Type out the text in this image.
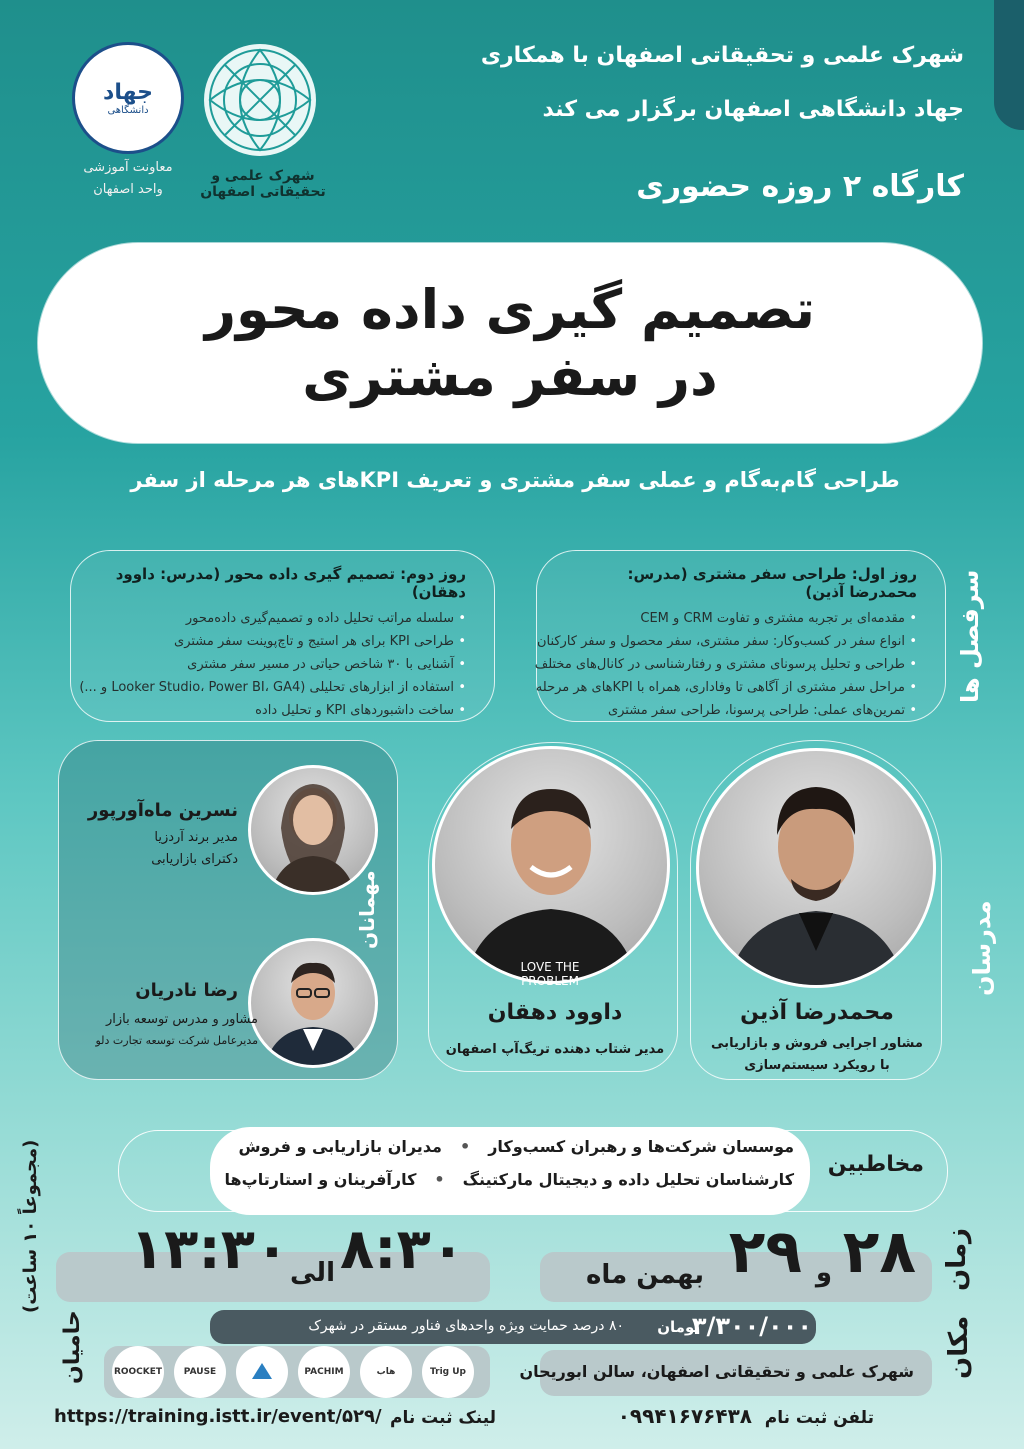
شهرک علمی و تحقیقاتی اصفهان با همکاری
جهاد دانشگاهی اصفهان برگزار می کند
کارگاه ۲ روزه حضوری
جهاد
دانشگاهی
معاونت آموزشی
واحد اصفهان
شهرک علمی و تحقیقاتی اصفهان
تصمیم گیری داده محور
در سفر مشتری
طراحی گام‌به‌گام و عملی سفر مشتری و تعریف KPIهای هر مرحله از سفر
سرفصل ها
روز اول: طراحی سفر مشتری (مدرس: محمدرضا آذین)
• مقدمه‌ای بر تجربه مشتری و تفاوت CRM و CEM
• انواع سفر در کسب‌وکار: سفر مشتری، سفر محصول و سفر کارکنان
• طراحی و تحلیل پرسونای مشتری و رفتارشناسی در کانال‌های مختلف
• مراحل سفر مشتری از آگاهی تا وفاداری، همراه با KPIهای هر مرحله
• تمرین‌های عملی: طراحی پرسونا، طراحی سفر مشتری
روز دوم: تصمیم گیری داده محور (مدرس: داوود دهقان)
• سلسله مراتب تحلیل داده و تصمیم‌گیری داده‌محور
• طراحی KPI برای هر استیج و تاچ‌پوینت سفر مشتری
• آشنایی با ۳۰ شاخص حیاتی در مسیر سفر مشتری
• استفاده از ابزارهای تحلیلی (Looker Studio، Power BI، GA4 و ...)
• ساخت داشبوردهای KPI و تحلیل داده
مهمانان
نسرین ماه‌آورپور
مدیر برند آردزیا
دکترای بازاریابی
رضا نادریان
مشاور و مدرس توسعه بازار
مدیرعامل شرکت توسعه تجارت دلو
مدرسان
LOVE THE PROBLEM
داوود دهقان
مدیر شتاب دهنده تریگ‌آپ اصفهان
محمدرضا آذین
مشاور اجرایی فروش و بازاریابی
با رویکرد سیستم‌سازی
مخاطبین
موسسان شرکت‌ها و رهبران کسب‌وکار
•
مدیران بازاریابی و فروش
کارشناسان تحلیل داده و دیجیتال مارکتینگ
•
کارآفرینان و استارتاپ‌ها
زمان
۲۸
و
۲۹
بهمن ماه
۸:۳۰
الی
۱۳:۳۰
(مجموعاً ۱۰ ساعت)
۳/۳۰۰/۰۰۰
تومان
۸۰ درصد حمایت ویژه واحدهای فناور مستقر در شهرک	مکان
شهرک علمی و تحقیقاتی اصفهان، سالن ابوریحان
حامیان	ROOCKET	PAUSE	PACHIM	هاب	Trig Up
تلفن ثبت نام
۰۹۹۴۱۶۷۶۴۳۸
لینک ثبت نام
https://training.istt.ir/event/۵۲۹/
